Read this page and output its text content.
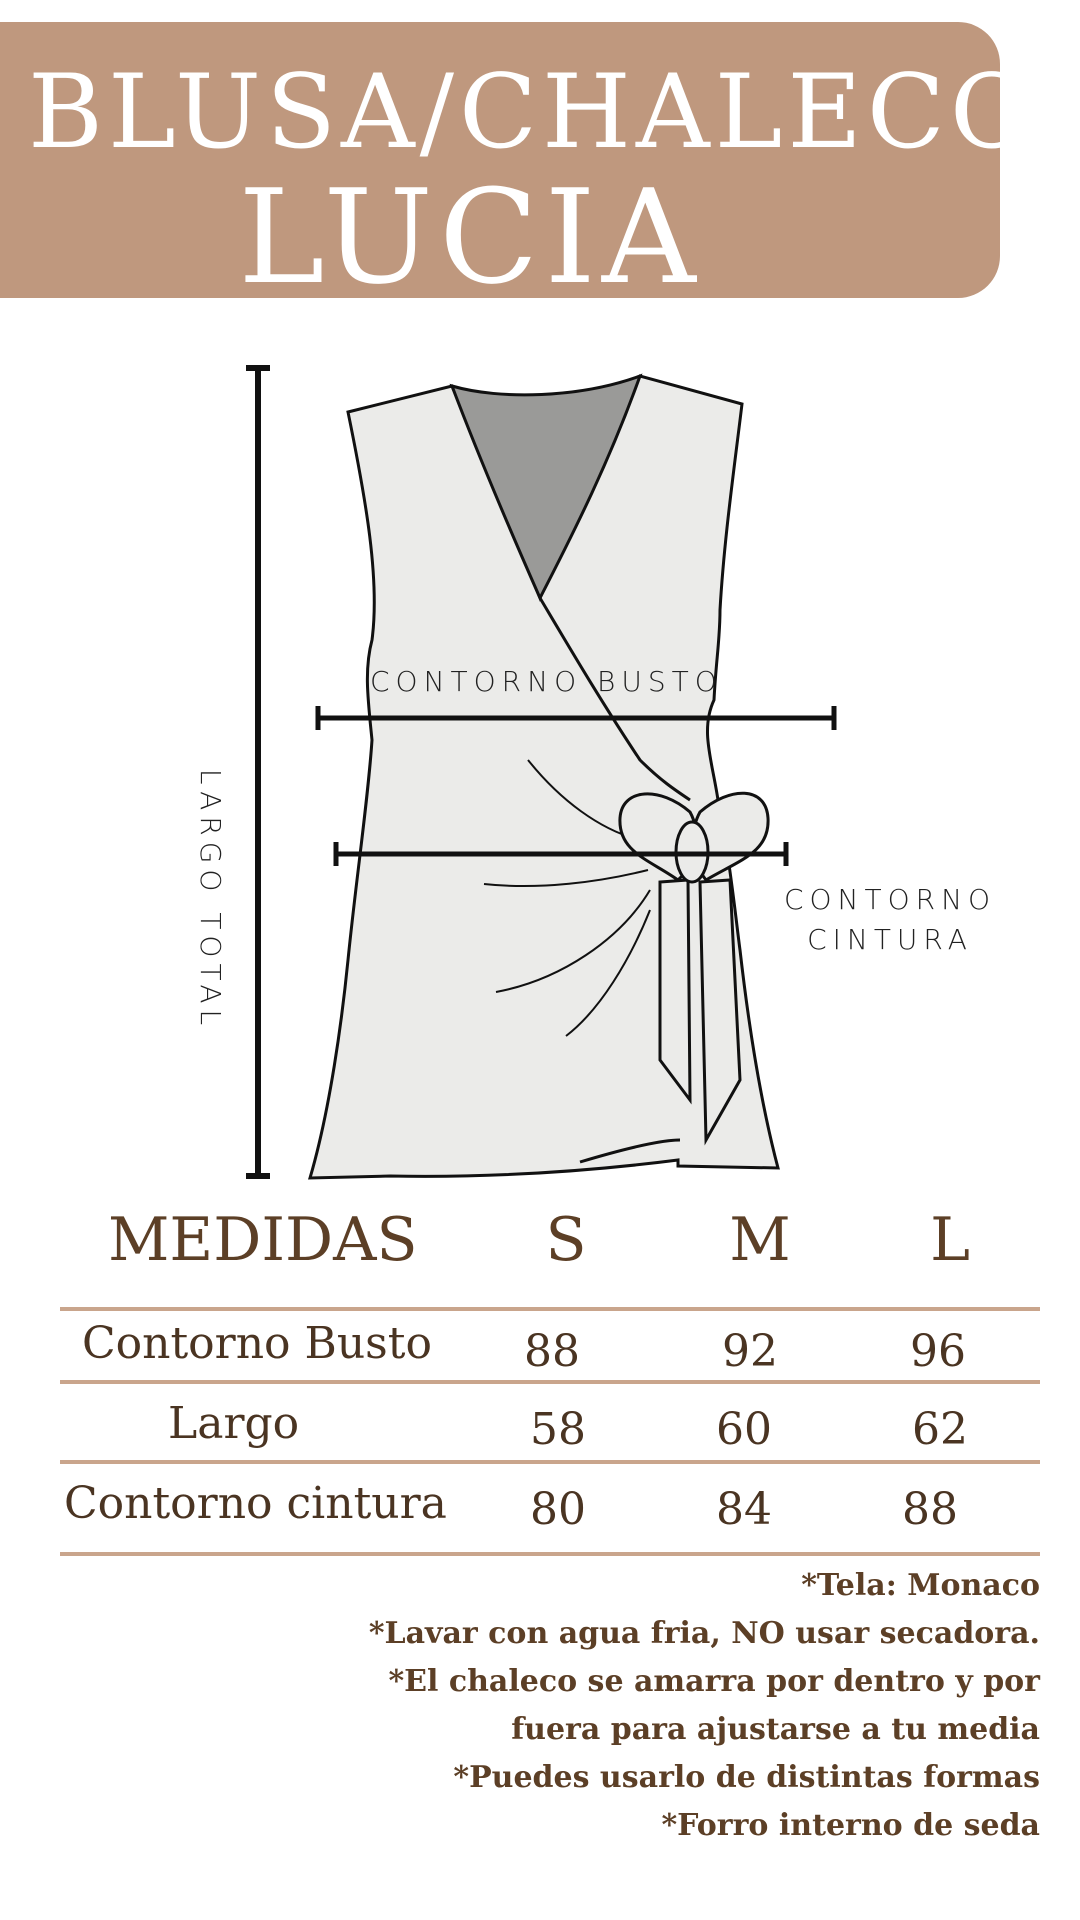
BLUSA/CHALECO
LUCIA
CONTORNO BUSTO
CONTORNO
CINTURA
LARGO TOTAL
MEDIDAS	S	M	L
Contorno Busto 88	92	96
Largo	58	60	62
Contorno cintura 80	84	88
*Tela: Monaco
*Lavar con agua fria, NO usar secadora.
*El chaleco se amarra por dentro y por
fuera para ajustarse a tu media
*Puedes usarlo de distintas formas
*Forro interno de seda
